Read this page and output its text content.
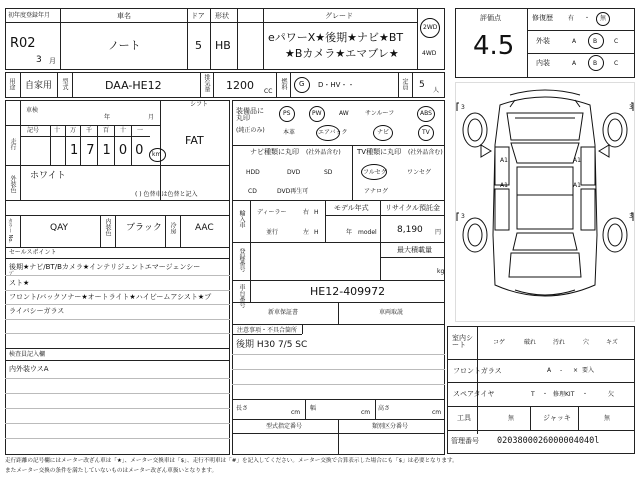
初年度登録年月
R02
3 月
車名
ノート
ドア
5
形状
HB
グレード
eパワーX★後期★ナビ★BT
★Bカメラ★エマブレ★
2WD
4WD
用途 自家用 型式	DAA-HE12	排気量 1200 CC
燃料 G D・HV・・	定員 5
人
車検
年	月
シフト
FAT
走行
記号 十 万 千 百 十 一
17100 km
外装色 ホワイト
( ) 色替車は色替と記入
カラー No.	QAY	内装色 ブラック 冷房 AAC
セールスポイント
後期★ナビ/BT/Bカメラ★インテリジェントエマージェンシー
ﾌﾞ
スト★
フロント/バックソナー★オートライト★ハイビームアシスト★プ
ライバシーガラス
検査員記入欄
内外装ウスA
装備品に丸印
(純正のみ)
PS	PW	AW	サンルーフ	ABS
本革	エアバック	ナビ	TV
ナビ種類に丸印 (社外品含む)
HDD	DVD	SD
CD	DVD再生可
TV種類に丸印 (社外品含む)
フルセグ	ワンセグ
アナログ
輸入車 ディーラー
並行
右 H
左 H
モデル年式
年 model
リサイクル預託金
8,190 円
登録番号	最大積載量
kg
車台番号	HE12-409972
新車保証書	車両取説
注意事項・不具合箇所
後期 H30 7/5 SC
長さ
cm
幅
cm
高さ
cm
型式指定番号	類別区分番号
評価点
4.5
修復歴	有 ・ 無
外装	A	B	C
内装	A	B	C
A1	A1
A1	A1
3	3
3	3
室内シート	コゲ	破れ	汚れ	穴	キズ
フロントガラス	A - × 要入
スペアタイヤ	T ・ 修理KIT ・	欠
工具	無	ジャッキ	無
管理番号 0203800026000004040l
走行距離の記号欄にはメーター改ざん車は「★」、メーター交換車は「$」、走行不明車は「#」を記入してください。メーター交換で合算表示した場合にも「$」は必要となります。
またメーター交換の条件を満たしていないものはメーター改ざん車扱いとなります。
